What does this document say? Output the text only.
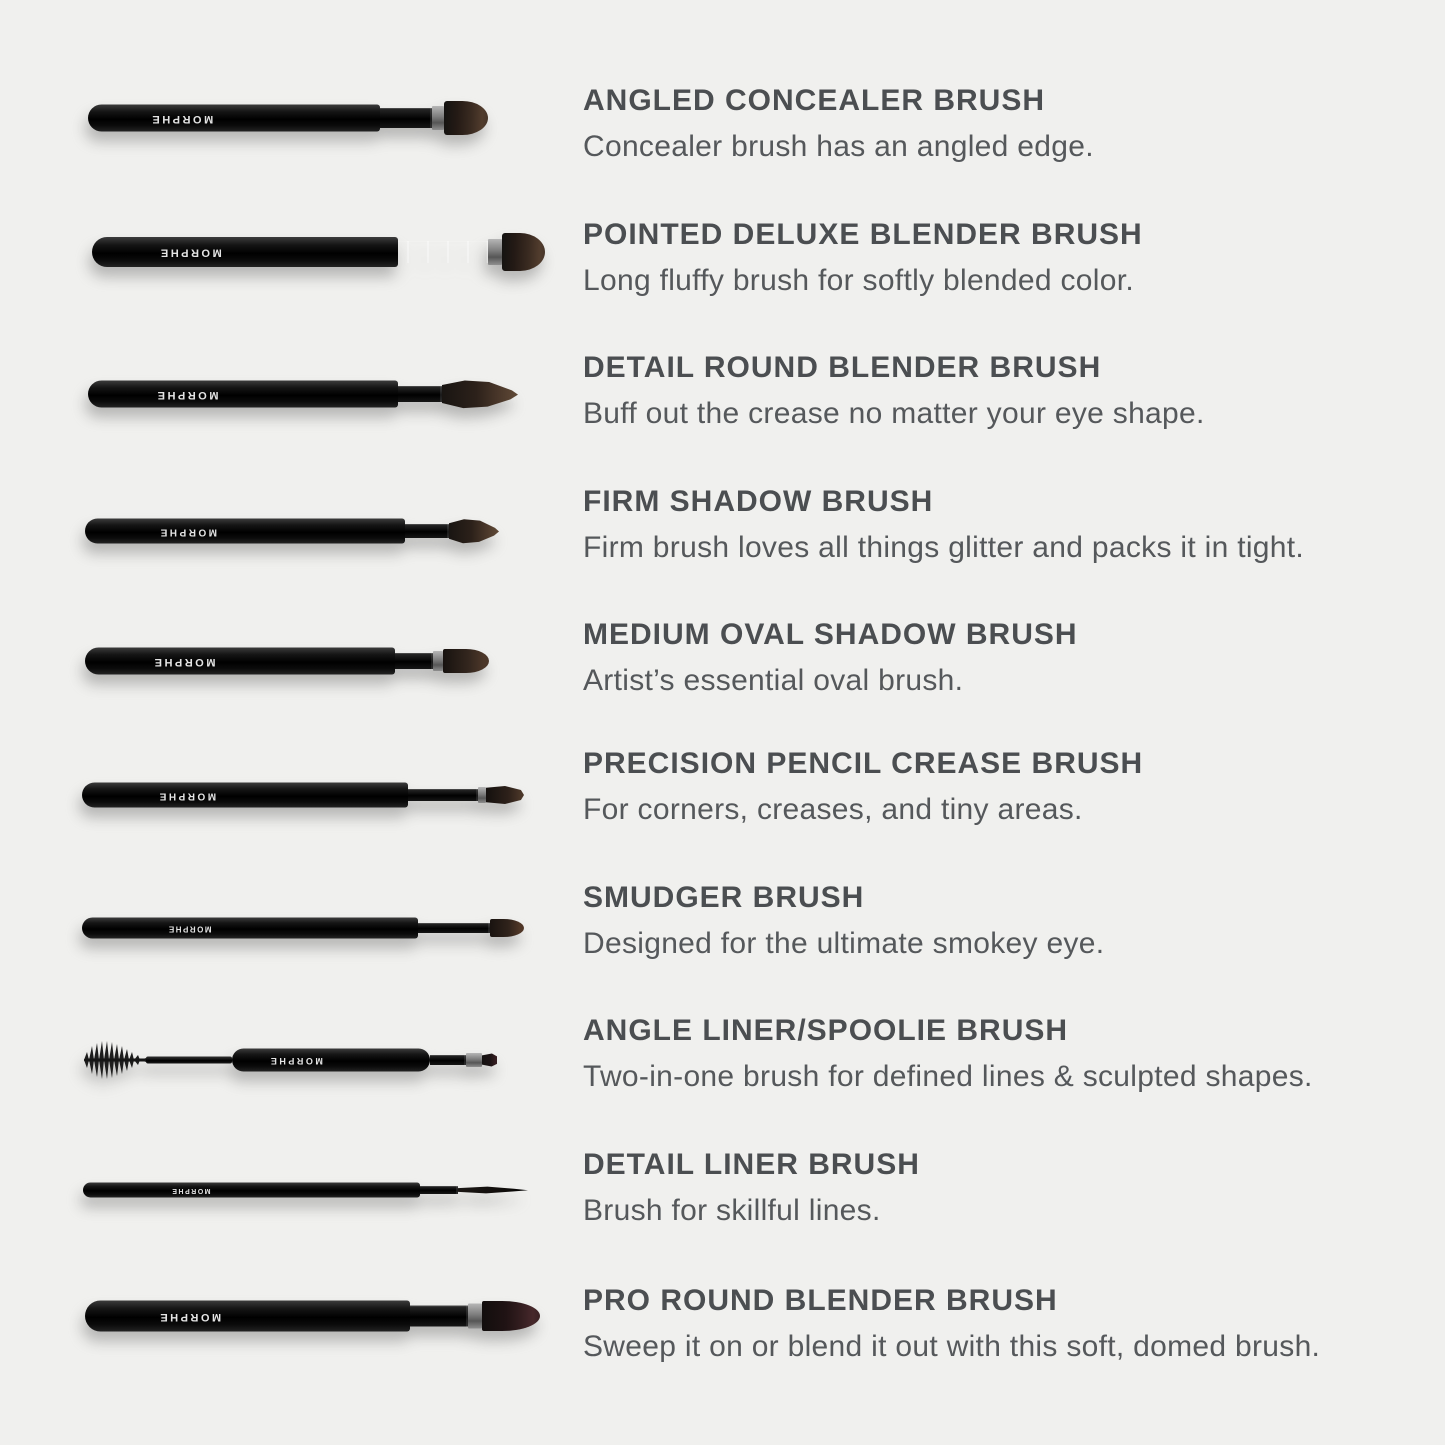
MORPHE
ANGLED CONCEALER BRUSH

Concealer brush has an angled edge.

MORPHE
POINTED DELUXE BLENDER BRUSH

Long fluffy brush for softly blended color.

MORPHE
DETAIL ROUND BLENDER BRUSH

Buff out the crease no matter your eye shape.

MORPHE
FIRM SHADOW BRUSH

Firm brush loves all things glitter and packs it in tight.

MORPHE
MEDIUM OVAL SHADOW BRUSH

Artist’s essential oval brush.

MORPHE
PRECISION PENCIL CREASE BRUSH

For corners, creases, and tiny areas.

MORPHE
SMUDGER BRUSH

Designed for the ultimate smokey eye.

MORPHE
ANGLE LINER/SPOOLIE BRUSH

Two-in-one brush for defined lines & sculpted shapes.

MORPHE
DETAIL LINER BRUSH

Brush for skillful lines.

MORPHE	PRO ROUND BLENDER BRUSH

Sweep it on or blend it out with this soft, domed brush.
